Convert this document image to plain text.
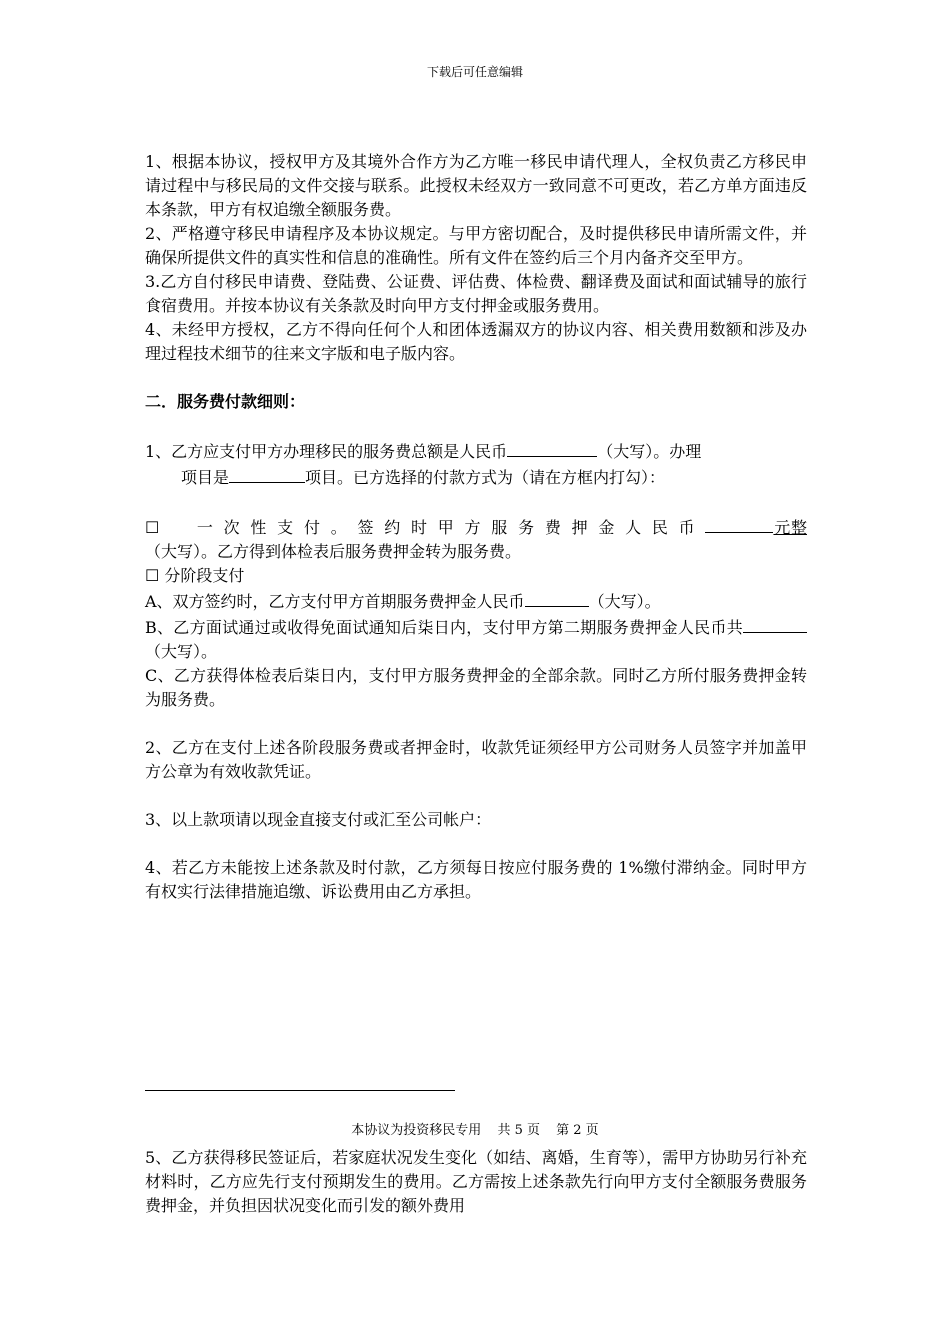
下载后可任意编辑

1、根据本协议，授权甲方及其境外合作方为乙方唯一移民申请代理人，全权负责乙方移民申请过程中与移民局的文件交接与联系。此授权未经双方一致同意不可更改，若乙方单方面违反本条款，甲方有权追缴全额服务费。

2、严格遵守移民申请程序及本协议规定。与甲方密切配合，及时提供移民申请所需文件，并确保所提供文件的真实性和信息的准确性。所有文件在签约后三个月内备齐交至甲方。

3.乙方自付移民申请费、登陆费、公证费、评估费、体检费、翻译费及面试和面试辅导的旅行食宿费用。并按本协议有关条款及时向甲方支付押金或服务费用。

4、未经甲方授权，乙方不得向任何个人和团体透漏双方的协议内容、相关费用数额和涉及办理过程技术细节的往来文字版和电子版内容。

二．服务费付款细则：

1、乙方应支付甲方办理移民的服务费总额是人民币	（大写）。办理

项目是	项目。已方选择的付款方式为（请在方框内打勾）：

☐　一次性支付。签约时甲方服务费押金人民币	元整

（大写）。乙方得到体检表后服务费押金转为服务费。

☐ 分阶段支付

A、双方签约时，乙方支付甲方首期服务费押金人民币	（大写）。

B、乙方面试通过或收得免面试通知后柒日内，支付甲方第二期服务费押金人民币共（大写）。

C、乙方获得体检表后柒日内，支付甲方服务费押金的全部余款。同时乙方所付服务费押金转为服务费。

2、乙方在支付上述各阶段服务费或者押金时，收款凭证须经甲方公司财务人员签字并加盖甲方公章为有效收款凭证。

3、以上款项请以现金直接支付或汇至公司帐户：

4、若乙方未能按上述条款及时付款，乙方须每日按应付服务费的 1%缴付滞纳金。同时甲方有权实行法律措施追缴、诉讼费用由乙方承担。

本协议为投资移民专用 共 5 页 第 2 页

5、乙方获得移民签证后，若家庭状况发生变化（如结、离婚，生育等），需甲方协助另行补充材料时，乙方应先行支付预期发生的费用。乙方需按上述条款先行向甲方支付全额服务费服务费押金，并负担因状况变化而引发的额外费用
